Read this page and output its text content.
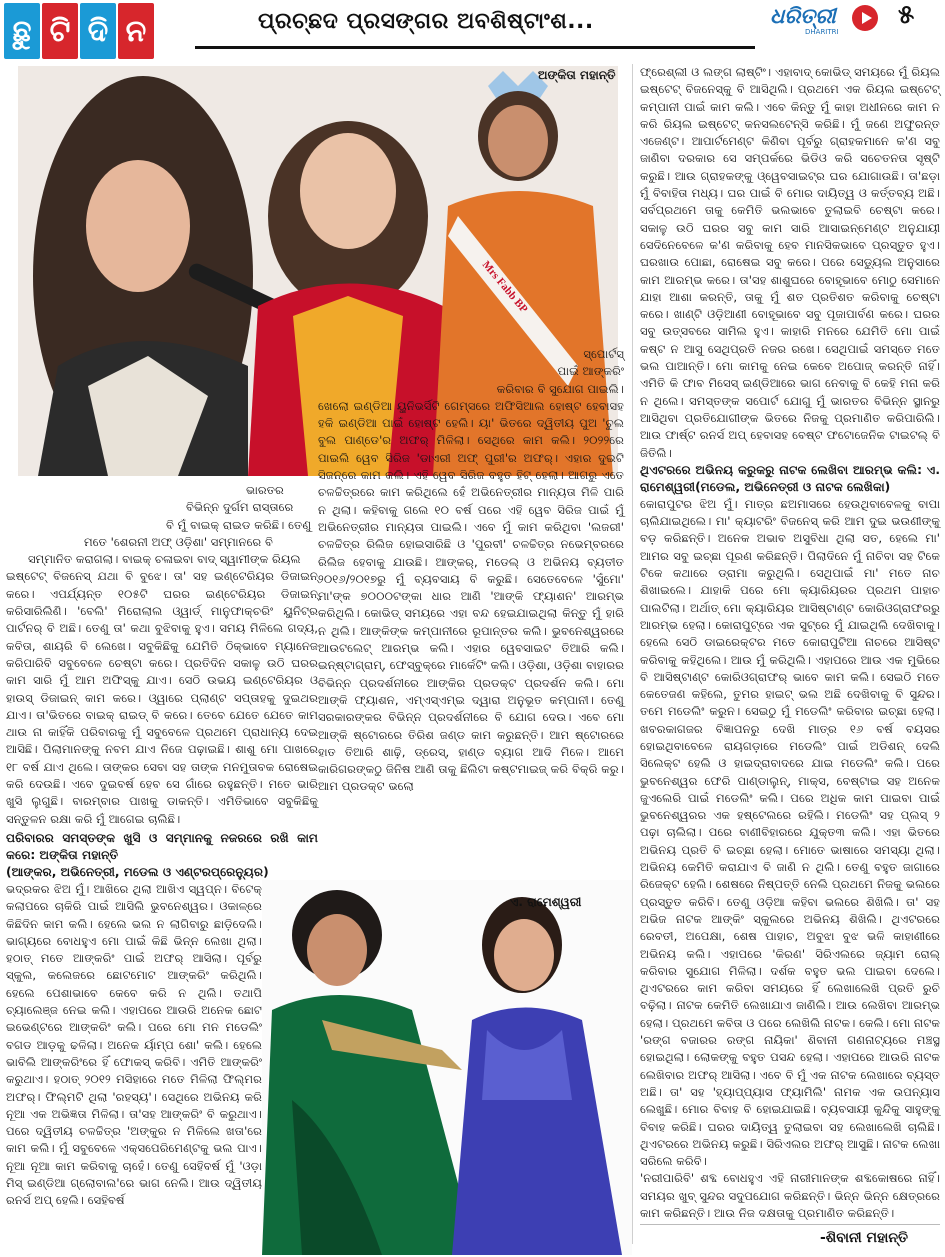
ଛୁ ଟି ଦି ନ	ପ୍ରଚ୍ଛଦ ପ୍ରସଙ୍ଗର ଅବଶିଷ୍ଟାଂଶ...	ଧରିତ୍ରୀ
DHARITRI
୫
Mrs Fabb BP
ଅଙ୍କିତା ମହାନ୍ତି
ସ୍ପୋର୍ଟସ୍
ପାଇଁ ଆଙ୍କରିଂ
କରିବାର ବି ସୁଯୋଗ ପାଇଲି।

ଖେଲୋ ଇଣ୍ଡିଆ ୟୁନିଭର୍ସିଟି ଗେମ୍ସରେ ଅଫିସିଆଲ ହୋଷ୍ଟ ହେବାସହ ହକି ଇଣ୍ଡିଆ ପାଇଁ ହୋଷ୍ଟ ହେଲି। ୟା' ଭିତରେ ଦ୍ୱିତୀୟ ପୁଅ 'ଚୁଲ ବୁଲ ପାଣ୍ଡେ'ର ଅଫର୍ ମିଳିଲା। ସେଥିରେ କାମ କଲି। ୨୦୨୨ରେ ପାଇଲି ୱେବ ସିରିଜ 'ଡାଏରୀ ଅଫ୍ ପୁରୀ'ର ଅଫର୍। ଏହାର ଦୁଇଟି ସିଜନ୍‌ରେ କାମ କଲି। ଏହି ୱେବ ସିରିଜ ବହୁତ ହିଟ୍ ହେଲା। ଆଗରୁ ଏତେ ଚଳଚ୍ଚିତ୍ରରେ କାମ କରିଥିଲେ ହେଁ ଅଭିନେତ୍ରୀର ମାନ୍ୟତା ମିଳି ପାରି ନ ଥିଲା। କହିବାକୁ ଗଲେ ୧୦ ବର୍ଷ ପରେ ଏହି ୱେବ ସିରିଜ ପାଇଁ ମୁଁ ଅଭିନେତ୍ରୀର ମାନ୍ୟତା ପାଇଲି। ଏବେ ମୁଁ କାମ କରିଥିବା 'ଲଜରୀ' ଚଳଚ୍ଚିତ୍ର ରିଲିଜ ହୋଇସାରିଛି ଓ 'ପୁରବୀ' ଚଳଚ୍ଚିତ୍ର ନଭେମ୍ବରରେ ରିଲିଜ ହେବାକୁ ଯାଉଛି। ଆଙ୍କର୍, ମଡେଲ୍ ଓ ଅଭିନୟ ବ୍ୟତୀତ ୨୦୧୬/୨୦୧୭ରୁ ମୁଁ ବ୍ୟବସାୟ ବି କରୁଛି। ସେତେବେଳେ 'ସୁଁମୋ' ମା'ଙ୍କ ୭୦୦୦ଟଙ୍କା ଧାର ଆଣି 'ଆଙ୍କି ଫ୍ୟାଶନ' ଆରମ୍ଭ କରିଥିଲି। କୋଭିଡ୍ ସମୟରେ ଏହା ବନ୍ଦ ହେଇଯାଇଥିଲା କିନ୍ତୁ ମୁଁ ହାରି ନ ଥିଲି। ଆଙ୍କିଙ୍କ କମ୍ପାନୀରେ ରୂପାନ୍ତର କଲି। ଭୁବନେଶ୍ୱରରେ ଆଉଟଲେଟ୍ ଆରମ୍ଭ କଲି। ଏହାର ୱେବସାଇଟ ତିଆରି କଲି। ଇନ୍‌ଷ୍ଟାଗ୍ରାମ୍, ଫେସ୍‌ବୁକ୍‌ରେ ମାର୍କେଟିଂ କଲି। ଓଡ଼ିଶା, ଓଡ଼ିଶା ବାହାରର ବିଭିନ୍ନ ପ୍ରଦର୍ଶନୀରେ ଆଙ୍କିର ପ୍ରଡକ୍ଟ ପ୍ରଦର୍ଶନ କଲି। ମୋ ଆଙ୍କି ଫ୍ୟାଶନ, ଏମ୍‌ଏସ୍‌ଏମ୍‌ଇ ଦ୍ୱାରା ଅନୁଭୂତ କମ୍ପାନୀ। ତେଣୁ ସରକାରଙ୍କର ବିଭିନ୍ନ ପ୍ରଦର୍ଶନୀରେ ବି ଯୋଗ ଦେଉ। ଏବେ ମୋ ଆଙ୍କି ଷ୍ଟୋରରେ ତିରିଶ ଜଣ୍ଡ କାମ କରୁଛନ୍ତି। ଆମ ଷ୍ଟୋରରେ ହାତ ତିଆରି ଶାଢ଼ି, ଡ୍ରେସ୍, ହାଣ୍ଡ ବ୍ୟାଗ ଆଦି ମିଳେ। ଆମେ କାରିଗରଙ୍କଠୁ ଜିନିଷ ଆଣି ତାକୁ ଛିଲିଟା କଷ୍ଟମାଇଜ୍ କରି ବିକ୍ରି କରୁ। ଆମ ପ୍ରଡକ୍ଟ ଭଲୋ

ଭାରତର
ବିଭିନ୍ନ ଦୁର୍ଗମ ରାସ୍ତାରେ
ବି ମୁଁ ବାଇକ୍ ରାଇଡ କରିଛି। ତେଣୁ
ମତେ 'ଶେରନୀ ଅଫ୍ ଓଡ଼ିଶା' ସମ୍ମାନରେ ବି
ସମ୍ମାନିତ କରାଗଲା। ବାଇକ୍ ଚଳାଇବା ବାଦ୍ ସ୍ୱାମୀଙ୍କ ରିୟଲ

ଇଷ୍ଟେଟ୍ ବିଜନେସ୍ ଯଥା ବି ବୁଝେ। ତା' ସହ ଇଣ୍ଟେରିୟର ଡିଜାଇନ୍ କରେ। ଏପର୍ଯ୍ୟନ୍ତ ୧୦୫ଟି ଘରର ଇଣ୍ଟେରିୟର ଡିଜାଇନ୍ କରିସାରିଲିଣି। 'ବେଲି' ମିରୋଲାଲ ଓ୍ୱାର୍ଡ୍ ମାନୁଫାକ୍ଚରିଂ ୟୁନିଟ୍‌ର ପାର୍ଟନର୍ ବି ଅଛି। ତେଣୁ ତା' କଥା ବୁଝିବାକୁ ହୁଏ। ସମୟ ମିଳିଲେ ଗଦ୍ୟ, କବିତା, ଶାୟରି ବି ଲେଖେ। ସବୁକିଛିକୁ ଯେମିତି ଠିକ୍‌ଭାବେ ମ୍ୟାନେଜ କରିପାରିବି ସବୁବେଳେ ଚେଷ୍ଟା କରେ। ପ୍ରତିଦିନ ସକାଳୁ ଉଠି ଘରର କାମ ସାରି ମୁଁ ଆମ ଅଫିସ୍‌କୁ ଯାଏ। ସେଠି ଉଭୟ ଇଣ୍ଟେରିୟର ଓ ହାଉସ୍ ଡିଜାଇନ୍ କାମ କରେ। ଓ୍ୱାରେ ପ୍ଲାଣ୍ଟ ସପ୍ତାହକୁ ଦୁଇଥର ଯାଏ। ତା'ଭିତରେ ବାଇକ୍ ରାଇଡ୍ ବି କରେ। ତେବେ ଯେତେ ଯେତେ କାମ ଥାଉ ନା କାହିଁକି ପରିବାରକୁ ମୁଁ ସବୁବେଳେ ପ୍ରଥମେ ପ୍ରାଧାନ୍ୟ ଦେଇ ଆସିଛି। ପିଲାମାନଙ୍କୁ ନବମ ଯାଏ ନିଜେ ପଢ଼ାଇଛି। ଶାଶୁ ମୋ ପାଖରେ ୧୮ ବର୍ଷ ଯାଏ ଥିଲେ। ତାଙ୍କର ସେବା ସହ ତାଙ୍କ ମନମୁତାବକ ରୋଷେଇ କରି ଦେଉଛି। ଏବେ ଦୁଇବର୍ଷ ହେବ ସେ ଗାଁରେ ରହୁଛନ୍ତି। ମତେ ଭାରି ଖୁସି ଲୁଗୁଛି। ବାରମ୍ବାର ପାଖକୁ ଡାକନ୍ତି। ଏମିତିଭାବେ ସବୁକିଛିକୁ ସନ୍ତୁଳନ ରକ୍ଷା କରି ମୁଁ ଆଗେଇ ଚାଲିଛି।

ପରିବାରର ସମସ୍ତଙ୍କ ଖୁସି ଓ ସମ୍ମାନକୁ ନଜରରେ ରଖି କାମ କରେ: ଅଙ୍କିତା ମହାନ୍ତି
(ଆଙ୍କର, ଅଭିନେତ୍ରୀ, ମଡେଲ ଓ ଏଣ୍ଟରପ୍ରେନ୍ୟୁର)

ଭଦ୍ରକର ଝିଅ ମୁଁ। ଆଖିରେ ଥିଲା ଆଖିଏ ସ୍ୱପ୍ନ। ବିଟେକ୍ କଲାପରେ ଚାକିରି ପାଇଁ ଆସିଲି ଭୁବନେଶ୍ୱର। ଓକାଳ୍‌ରେ କିଛିଦିନ କାମ କଲି। ହେଲେ ଭଲ ନ ଲାଗିବାରୁ ଛାଡ଼ିଦେଲି। ଭାଗ୍ୟରେ ବୋଧହୁଏ ମୋ ପାଇଁ କିଛି ଭିନ୍ନ ଲେଖା ଥିଲା। ହଠାତ୍ ମତେ ଆଙ୍କରିଂ ପାଇଁ ଅଫର୍ ଆସିଲା। ପୂର୍ବରୁ ସ୍କୁଲ, କଲେଜରେ ଛୋଟମୋଟ ଆଙ୍କରିଂ କରିଥିଲି। ହେଲେ ପେଶାଭାବେ କେବେ କରି ନ ଥିଲି। ତଥାପି ଚ୍ୟାଲେଞ୍ଜ ନେଇ କଲି। ଏହାପରେ ଆଉରି ଅନେକ ଛୋଟ ଇଭେଣ୍ଟରେ ଆଙ୍କରିଂ କଲି। ପରେ ମୋ ମନ ମଡେଲିଂ ବଗଡ ଆଡ଼କୁ ଢଳିଲା। ଅନେକ ର୍ୟାମ୍ପ ଶୋ' କଲି। ହେଲେ ଭାବିଲି ଆଙ୍କରିଂରେ ହିଁ ଫୋକସ୍ କରିବି। ଏମିତି ଆଙ୍କରିଂ କରୁଥାଏ। ହଠାତ୍ ୨୦୧୨ ମସିହାରେ ମତେ ମିଳିଲା ଫିଲ୍ମର ଅଫର୍। ଫିଲ୍ମଟି ଥିଲା 'ରହସ୍ୟ'। ସେଥିରେ ଅଭିନୟ କରି ନୂଆ ଏକ ଅଭିଜ୍ଞତା ମିଳିଲା। ତା'ସହ ଆଙ୍କରିଂ ବି କରୁଥାଏ। ପରେ ଦ୍ୱିତୀୟ ଚଳଚ୍ଚିତ୍ର 'ଅଙ୍କୁର ନ ମିଳିଲେ ଖତା'ରେ କାମ କଲି। ମୁଁ ସବୁବେଳେ ଏକ୍ସପେରିମେଣ୍ଟକୁ ଭଲ ପାଏ। ନୂଆ ନୂଆ କାମ କରିବାକୁ ଚାହେଁ। ତେଣୁ ସେହିବର୍ଷ ମୁଁ 'ଓଡ଼ା ମିସ୍ ଇଣ୍ଡିଆ ଗ୍ଲୋବାଲ'ରେ ଭାଗ ନେଲି। ଆଉ ଦ୍ୱିତୀୟ ରନର୍ସ ଅପ୍ ହେଲି। ସେହିବର୍ଷ

ଏ. ରାମେଶ୍ୱରୀ

ଫ୍ରେଶ୍‌ଲୀ ଓ ଲଙ୍ଗ ଲାଷ୍ଟିଂ। ଏହାବାଦ୍ କୋଭିଡ୍ ସମୟରେ ମୁଁ ରିୟଲ ଇଷ୍ଟେଟ୍ ବିଜନେସ୍‌କୁ ବି ଆସିଥିଲି। ପ୍ରଥମେ ଏକ ରିୟଲ ଇଷ୍ଟେଟ୍ କମ୍ପାନୀ ପାଇଁ କାମ କଲି। ଏବେ କିନ୍ତୁ ମୁଁ କାହା ଅଧୀନରେ କାମ ନ କରି ରିୟଲ ଇଷ୍ଟେଟ୍ କନସଲଟେନ୍ସି କରିଛି। ମୁଁ ଜଣେ ଅଫୁରନ୍ତ ଏଜେଣ୍ଟ। ଆପାର୍ଟମେଣ୍ଟ କିଣିବା ପୂର୍ବରୁ ଗ୍ରାହକମାନେ କ'ଣ ସବୁ ଜାଣିବା ଦରକାର ସେ ସମ୍ପର୍କରେ ଭିଡିଓ କରି ସଚେତନତା ସୃଷ୍ଟି କରୁଛି। ଆଉ ଗ୍ରାହକଙ୍କୁ ଓ୍ୱେବସାଇଟ୍‌ର ଘର ଯୋଗାଉଛି। ତା'ଛଡ଼ା ମୁଁ ବିବାହିତା ମଧ୍ୟ। ଘର ପାଇଁ ବି ମୋର ଦାୟିତ୍ୱ ଓ କର୍ତ୍ତବ୍ୟ ଅଛି। ସର୍ବପ୍ରଥମେ ତାକୁ କେମିତି ଭଲଭାବେ ତୁଲାଇବି ଚେଷ୍ଟା କରେ। ସକାଳୁ ଉଠି ଘରର ସବୁ କାମ ସାରି ଆସାଇନ୍‌ମେଣ୍ଟ ଅନୁଯାୟୀ ସେଦିନେବେଳେ କ'ଣ କରିବାକୁ ହେବ ମାନସିକଭାବେ ପ୍ରସ୍ତୁତ ହୁଏ। ଘରଖାଉ ପୋଛା, ରୋଷେଇ ସବୁ କରେ। ପରେ ସେଡ୍ୟୁଲ ଅନୁସାରେ କାମ ଆରମ୍ଭ କରେ। ତା'ସହ ଶାଶୁଘରେ ବୋହୂଭାବେ ମୋଠୁ ସେମାନେ ଯାହା ଆଶା କରନ୍ତି, ତାକୁ ମୁଁ ଶତ ପ୍ରତିଶତ କରିବାକୁ ଚେଷ୍ଟା କରେ। ଖାଣ୍ଟି ଓଡ଼ିଆଣୀ ବୋହୂଭାବେ ସବୁ ପୂଜାପାର୍ବଣ କରେ। ଘରର ସବୁ ଉତ୍ସବରେ ସାମିଲ ହୁଏ। କାହାରି ମନରେ ଯେମିତି ମୋ ପାଇଁ କଷ୍ଟ ନ ଆସୁ ସେଥିପ୍ରତି ନଜର ରଖେ। ସେଥିପାଇଁ ସମସ୍ତେ ମତେ ଭଲ ପାଆନ୍ତି। ମୋ କାମକୁ ନେଇ କେବେ ଅପୋଜ୍ କରନ୍ତି ନାହିଁ। ଏମିତି କି ଫାବ ମିସେସ୍ ଇଣ୍ଡିଆରେ ଭାଗ ନେବାକୁ ବି କେହି ମନା କରି ନ ଥିଲେ। ସମସ୍ତଙ୍କ ସପୋର୍ଟ ଯୋଗୁ ମୁଁ ଭାରତର ବିଭିନ୍ନ ସ୍ଥାନରୁ ଆସିଥିବା ପ୍ରତିଯୋଗୀଙ୍କ ଭିତରେ ନିଜକୁ ପ୍ରମାଣିତ କରିପାରିଲି। ଆଉ ଫାର୍ଷ୍ଟ ରନର୍ସ ଅପ୍ ହେବାସହ ବେଷ୍ଟ ଫଟୋଜେନିକ ଟାଇଟଲ୍ ବି ଜିତିଲି।

ଥିଏଟରରେ ଅଭିନୟ କରୁକରୁ ନାଟକ ଲେଖିବା ଆରମ୍ଭ କଲି: ଏ. ରାମେଶ୍ୱରୀ(ମଡେଲ, ଅଭିନେତ୍ରୀ ଓ ନାଟକ ଲେଖିକା)

କୋରାପୁଟର ଝିଅ ମୁଁ। ମାତ୍ର ଛଅମାସରେ ହେଉଥିବାବେଳକୁ ବାପା ଚାଲିଯାଇଥିଲେ। ମା' କ୍ୟାଟରିଂ ବିଜନେସ୍ କରି ଆମ ଦୁଇ ଭଉଣୀଙ୍କୁ ବଡ଼ କରିଛନ୍ତି। ଅନେକ ଅଭାବ ଅସୁବିଧା ଥିଲା ସତ, ହେଲେ ମା' ଆମର ସବୁ ଇଚ୍ଛା ପୂରଣ କରିଛନ୍ତି। ପିଲାଦିନେ ମୁଁ ନାଚିବା ସହ ଟିକେ ଟିକେ କଥାରେ ଡ୍ରାମା କରୁଥିଲି। ସେଥିପାଇଁ ମା' ମତେ ନାଚ ଶିଖାଇଲେ। ଯାହାକି ପରେ ମୋ କ୍ୟାରିୟରର ପ୍ରଥମ ପାହାଚ ପାଲଟିଲା। ଅର୍ଥାତ୍ ମୋ କ୍ୟାରିୟର ଆସିଷ୍ଟାଣ୍ଟ କୋରିଓଗ୍ରାଫରରୁ ଆରମ୍ଭ ହେଲା। କୋରାପୁଟ୍‌ରେ ଏକ ସୁଟ୍‌ରେ ମୁଁ ଯାଇଥିଲି ଦେଖିବାକୁ। ହେଲେ ସେଠି ଡାଇରେକ୍ଟର ମତେ କୋରାପୁଟିଆ ନାଚରେ ଆସିଷ୍ଟ କରିବାକୁ କହିଥିଲେ। ଆଉ ମୁଁ କରିଥିଲି। ଏହାପରେ ଆଉ ଏକ ମୁଭିରେ ବି ଆସିଷ୍ଟାଣ୍ଟ କୋରିଓଗ୍ରାଫର୍ ଭାବେ କାମ କଲି। ସେଇଠି ମତେ କେତେଜଣ କହିଲେ, ତୁମର ହାଇଟ୍ ଭଲ ଅଛି ଦେଖିବାକୁ ବି ସୁନ୍ଦର। ତମେ ମଡେଲିଂ କରୁନ। ସେଇଠୁ ମୁଁ ମଡେଲିଂ କରିବାର ଇଚ୍ଛା ହେଲା। ଖବରକାଗଜର ବିଜ୍ଞାପନରୁ ଦେଖି ମାତ୍ର ୧୬ ବର୍ଷ ବୟସର ହୋଇଥିବାବେଳେ ରାୟଗଡ଼ାରେ ମଡେଲିଂ ପାଇଁ ଅଡିଶନ୍ ଦେଲି ସିଲେକ୍ଟ ହେଲି ଓ ହାଇଦ୍ରାବାଦରେ ଯାଇ ମଡେଲିଂ କଲି। ପରେ ଭୁବନେଶ୍ୱର ଫେରି ପାଣ୍ଡାଲୁନ୍, ମାକ୍ସ, ବେଷ୍ଟାଇ ସହ ଅନେକ ଜୁଏଲେରି ପାଇଁ ମଡେଲିଂ କଲି। ପରେ ଅଧିକ କାମ ପାଇବା ପାଇଁ ଭୁବନେଶ୍ୱରର ଏକ ହଷ୍ଟେଲରେ ରହିଲି। ମଡେଲିଂ ସହ ପ୍ଲସ୍ ୨ ପଢ଼ା ଚାଲିଲା। ପରେ ବାଣୀବିହାରରେ ଯୁକ୍ତ୩ କଲି। ଏହା ଭିତରେ ଅଭିନୟ ପ୍ରତି ବି ଇଚ୍ଛା ହେଲା। ମୋତେ ଭାଷାରେ ସମସ୍ୟା ଥିଲା। ଅଭିନୟ କେମିତି କରାଯାଏ ବି ଜାଣି ନ ଥିଲି। ତେଣୁ ବହୁତ ଜାଗାରେ ରିଜେକ୍ଟ ହେଲି। ଶେଷରେ ନିଷ୍ପତ୍ତି ନେଲି ପ୍ରଥମେ ନିଜକୁ ଭଲରେ ପ୍ରସ୍ତୁତ କରିବି। ତେଣୁ ଓଡ଼ିଆ କହିବା ଭଲରେ ଶିଖିଲି। ତା' ସହ ଅଭିଜ ନାଟକ ଆଙ୍କିଂ ସ୍କୁଲରେ ଅଭିନୟ ଶିଖିଲି। ଥିଏଟରରେ ରେବତୀ, ଅପେକ୍ଷା, ଶେଷ ପାହାଚ, ଅବୁଝା ବୁଝ ଭଳି କାହାଣୀରେ ଅଭିନୟ କଲି। ଏହାପରେ 'କିରଣ' ସିରିଏଲରେ ଜ୍ୟାମ ରୋଲ୍ କରିବାର ସୁଯୋଗ ମିଳିଲା। ଦର୍ଶକ ବହୁତ ଭଲ ପାଇବା ଦେଲେ। ଥିଏଟରରେ କାମ କରିବା ସମୟରେ ହିଁ ଲେଖାଲେଖି ପ୍ରତି ରୁଚି ବଢ଼ିଲା। ନାଟକ କେମିତି ଲେଖାଯାଏ ଜାଣିଲି। ଆଉ ଲେଖିବା ଆରମ୍ଭ ହେଲା। ପ୍ରଥମେ କବିତା ଓ ପରେ ଲେଖିଲି ନାଟକ। କେଲି। ମୋ ନାଟକ 'ରଙ୍ଗ ବଜାରର ରଙ୍ଗ ନାୟିକା' ଶିବାନୀ ଗଣନାଟ୍ୟରେ ମଞ୍ଚସ୍ଥ ହୋଇଥିଲା। ଲୋକଙ୍କୁ ବହୁତ ପସନ୍ଦ ହେଲା। ଏହାପରେ ଆଉରି ନାଟକ ଲେଖିବାର ଅଫର୍ ଆସିଲା। ଏବେ ବି ମୁଁ ଏକ ନାଟକ ଲେଖାରେ ବ୍ୟସ୍ତ ଅଛି। ତା' ସହ 'ହ୍ୟାପ୍ପ୍ୟାସ ଫ୍ୟାମିଲି' ନାମକ ଏକ ଉପନ୍ୟାସ ଲେଖୁଛି। ମୋର ବିବାହ ବି ହୋଇଯାଇଛି। ବ୍ୟବସାୟୀ କୁନ୍ଦିକୁ ସାହୁଙ୍କୁ ବିବାହ କରିଛି। ଘରର ଦାୟିତ୍ୱ ତୁଲାଇବା ସହ ଲେଖାଲେଖି ଚାଲିଛି। ଥିଏଟରରେ ଅଭିନୟ କରୁଛି। ସିରିଏଲର ଅଫର୍ ଆସୁଛି। ନାଟକ ଲେଖା ସରିଲେ କରିବି।

'ନରୀପାରିବି' ଶବ୍ଦ ବୋଧହୁଏ ଏହି ନାରୀମାନଙ୍କ ଶବ୍ଦକୋଷରେ ନାହିଁ। ସମୟର ଖୁବ୍ ସୁନ୍ଦର ସଦୁପଯୋଗ କରିଛନ୍ତି। ଭିନ୍ନ ଭିନ୍ନ କ୍ଷେତ୍ରରେ କାମ କରିଛନ୍ତି। ଆଉ ନିଜ ଦକ୍ଷତାକୁ ପ୍ରମାଣିତ କରିଛନ୍ତି।

-ଶିବାନୀ ମହାନ୍ତି
